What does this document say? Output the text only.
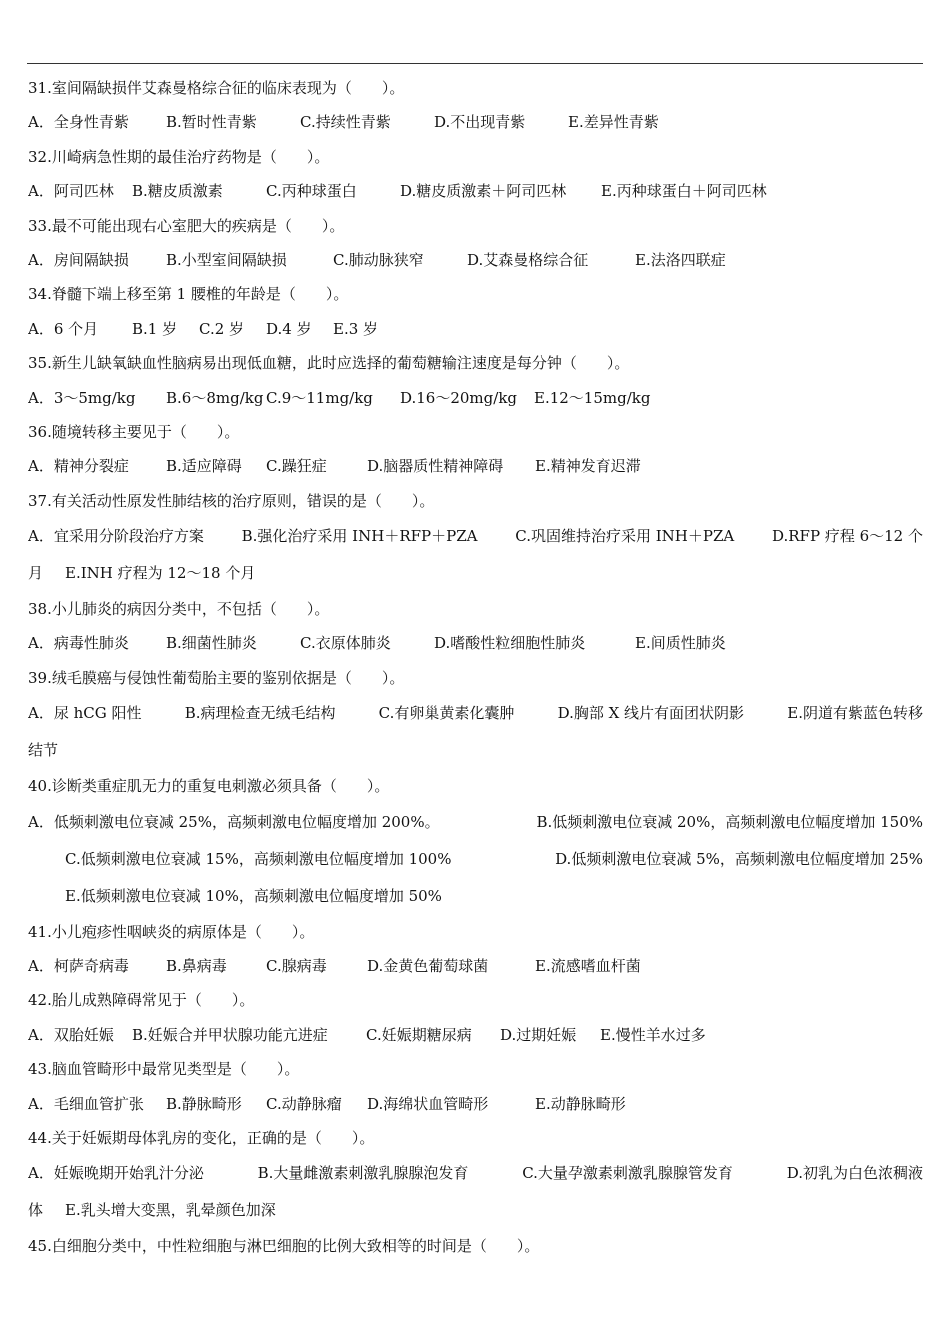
31.室间隔缺损伴艾森曼格综合征的临床表现为（　　）。
A．全身性青紫 B.暂时性青紫	C.持续性青紫	D.不出现青紫	E.差异性青紫
32.川崎病急性期的最佳治疗药物是（　　）。
A．阿司匹林 B.糖皮质激素	C.丙种球蛋白	D.糖皮质激素＋阿司匹林 E.丙种球蛋白＋阿司匹林
33.最不可能出现右心室肥大的疾病是（　　）。
A．房间隔缺损 B.小型室间隔缺损	C.肺动脉狭窄	D.艾森曼格综合征	E.法洛四联症
34.脊髓下端上移至第 1 腰椎的年龄是（　　）。
A．6 个月 B.1 岁 C.2 岁 D.4 岁 E.3 岁
35.新生儿缺氧缺血性脑病易出现低血糖，此时应选择的葡萄糖输注速度是每分钟（　　）。
A．3～5mg/kg B.6～8mg/kg C.9～11mg/kg D.16～20mg/kg E.12～15mg/kg
36.随境转移主要见于（　　）。
A．精神分裂症 B.适应障碍 C.躁狂症	D.脑器质性精神障碍 E.精神发育迟滞
37.有关活动性原发性肺结核的治疗原则，错误的是（　　）。
A．宜采用分阶段治疗方案	B.强化治疗采用 INH＋RFP＋PZA	C.巩固维持治疗采用 INH＋PZA	D.RFP 疗程 6～12 个
月 E.INH 疗程为 12～18 个月
38.小儿肺炎的病因分类中，不包括（　　）。
A．病毒性肺炎 B.细菌性肺炎	C.衣原体肺炎	D.嗜酸性粒细胞性肺炎	E.间质性肺炎
39.绒毛膜癌与侵蚀性葡萄胎主要的鉴别依据是（　　）。
A．尿 hCG 阳性	B.病理检查无绒毛结构	C.有卵巢黄素化囊肿	D.胸部 X 线片有面团状阴影	E.阴道有紫蓝色转移
结节
40.诊断类重症肌无力的重复电刺激必须具备（　　）。
A．低频刺激电位衰减 25%，高频刺激电位幅度增加 200%。	B.低频刺激电位衰减 20%，高频刺激电位幅度增加 150%
C.低频刺激电位衰减 15%，高频刺激电位幅度增加 100%	D.低频刺激电位衰减 5%，高频刺激电位幅度增加 25%
E.低频刺激电位衰减 10%，高频刺激电位幅度增加 50%
41.小儿疱疹性咽峡炎的病原体是（　　）。
A．柯萨奇病毒 B.鼻病毒	C.腺病毒	D.金黄色葡萄球菌	E.流感嗜血杆菌
42.胎儿成熟障碍常见于（　　）。
A．双胎妊娠 B.妊娠合并甲状腺功能亢进症	C.妊娠期糖尿病 D.过期妊娠 E.慢性羊水过多
43.脑血管畸形中最常见类型是（　　）。
A．毛细血管扩张 B.静脉畸形 C.动静脉瘤 D.海绵状血管畸形	E.动静脉畸形
44.关于妊娠期母体乳房的变化，正确的是（　　）。
A．妊娠晚期开始乳汁分泌	B.大量雌激素刺激乳腺腺泡发育	C.大量孕激素刺激乳腺腺管发育	D.初乳为白色浓稠液
体 E.乳头增大变黑，乳晕颜色加深
45.白细胞分类中，中性粒细胞与淋巴细胞的比例大致相等的时间是（　　）。
